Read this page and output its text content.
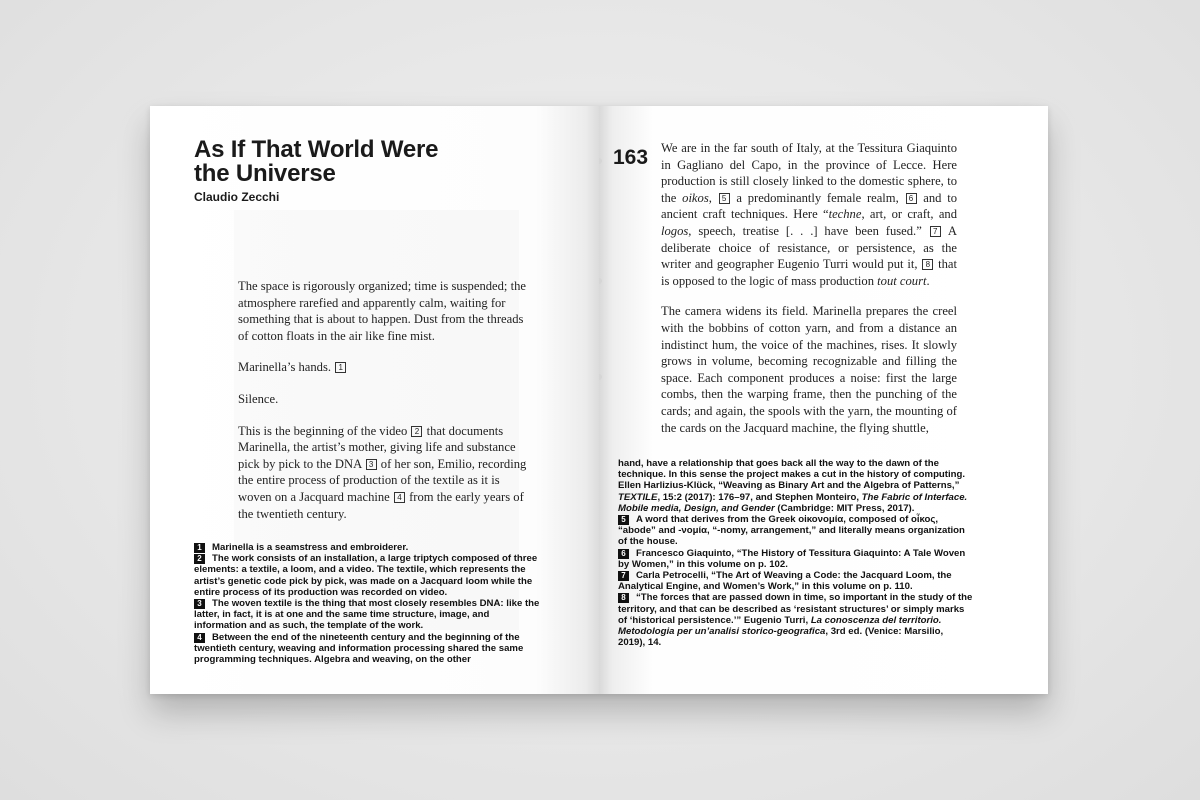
As If That World Were
the Universe
Claudio Zecchi

The space is rigorously organized; time is suspended; the atmosphere rarefied and apparently calm, waiting for something that is about to happen. Dust from the threads of cotton floats in the air like fine mist.

Marinella’s hands. 1

Silence.

This is the beginning of the video 2 that documents Marinella, the artist’s mother, giving life and substance pick by pick to the DNA 3 of her son, Emilio, recording the entire process of production of the textile as it is woven on a Jacquard machine 4 from the early years of the twentieth century.

1 Marinella is a seamstress and embroiderer.

2 The work consists of an installation, a large triptych composed of three elements: a textile, a loom, and a video. The textile, which represents the artist’s genetic code pick by pick, was made on a Jacquard loom while the entire process of its production was recorded on video.

3 The woven textile is the thing that most closely resembles DNA: like the latter, in fact, it is at one and the same time structure, image, and information and as such, the template of the work.

4 Between the end of the nineteenth century and the beginning of the twentieth century, weaving and information processing shared the same programming techniques. Algebra and weaving, on the other

163 We are in the far south of Italy, at the Tessitura Giaquinto in Gagliano del Capo, in the province of Lecce. Here production is still closely linked to the domestic sphere, to the oikos, 5 a predominantly female realm, 6 and to ancient craft techniques. Here “techne, art, or craft, and logos, speech, treatise [. . .] have been fused.” 7 A deliberate choice of resistance, or persistence, as the writer and geographer Eugenio Turri would put it, 8 that is opposed to the logic of mass production tout court.

The camera widens its field. Marinella prepares the creel with the bobbins of cotton yarn, and from a distance an indistinct hum, the voice of the machines, rises. It slowly grows in volume, becoming recognizable and filling the space. Each component produces a noise: first the large combs, then the warping frame, then the punching of the cards; and again, the spools with the yarn, the mounting of the cards on the Jacquard machine, the flying shuttle,

hand, have a relationship that goes back all the way to the dawn of the technique. In this sense the project makes a cut in the history of computing. Ellen Harlizius-Klück, “Weaving as Binary Art and the Algebra of Patterns,” TEXTILE, 15:2 (2017): 176–97, and Stephen Monteiro, The Fabric of Interface. Mobile media, Design, and Gender (Cambridge: MIT Press, 2017).

5 A word that derives from the Greek οἰκονομία, composed of οἶκος, “abode” and -νομία, “-nomy, arrangement,” and literally means organization of the house.

6 Francesco Giaquinto, “The History of Tessitura Giaquinto: A Tale Woven by Women,” in this volume on p. 102.

7 Carla Petrocelli, “The Art of Weaving a Code: the Jacquard Loom, the Analytical Engine, and Women’s Work,” in this volume on p. 110.

8 “The forces that are passed down in time, so important in the study of the territory, and that can be described as ‘resistant structures’ or simply marks of ‘historical persistence.’” Eugenio Turri, La conoscenza del territorio. Metodologia per un’analisi storico-geografica, 3rd ed. (Venice: Marsilio, 2019), 14.
